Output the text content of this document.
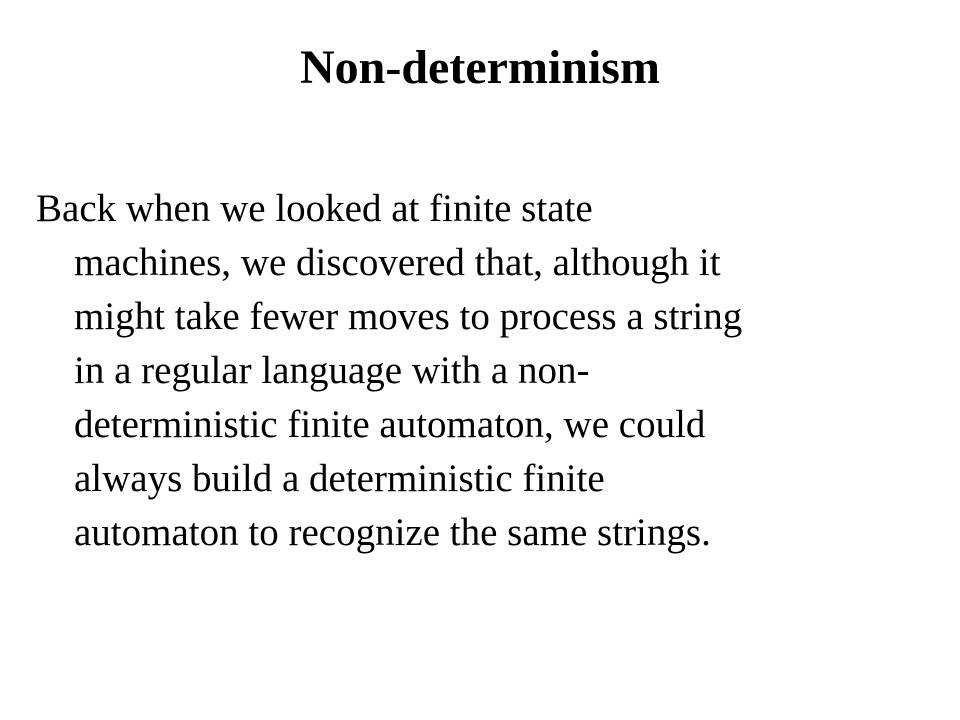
Non-determinism
Back when we looked at finite state
machines, we discovered that, although it
might take fewer moves to process a string
in a regular language with a non-
deterministic finite automaton, we could
always build a deterministic finite
automaton to recognize the same strings.
